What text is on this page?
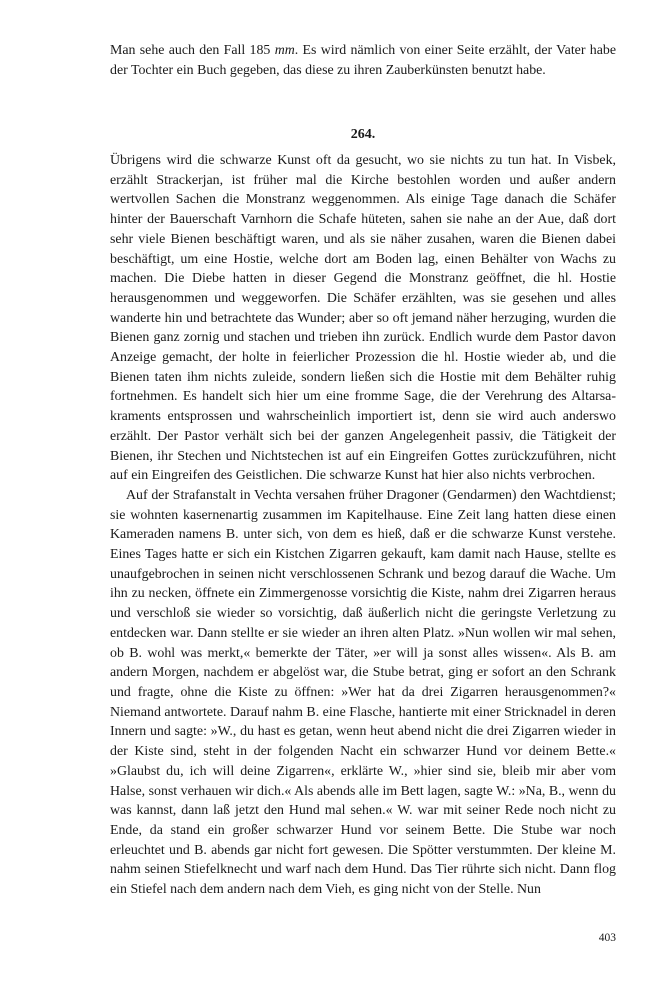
Man sehe auch den Fall 185 mm. Es wird nämlich von einer Seite erzählt, der Vater habe der Tochter ein Buch gegeben, das diese zu ihren Zauberkünsten benutzt habe.

264.

Übrigens wird die schwarze Kunst oft da gesucht, wo sie nichts zu tun hat. In Visbek, erzählt Strackerjan, ist früher mal die Kirche bestohlen worden und außer andern wertvollen Sachen die Monstranz weggenommen. Als einige Tage danach die Schäfer hinter der Bauerschaft Varnhorn die Schafe hüteten, sahen sie nahe an der Aue, daß dort sehr viele Bienen beschäftigt waren, und als sie näher zusahen, waren die Bienen dabei beschäftigt, um eine Hostie, welche dort am Boden lag, einen Behälter von Wachs zu machen. Die Diebe hatten in dieser Gegend die Monstranz geöffnet, die hl. Hostie herausgenommen und weggeworfen. Die Schäfer erzählten, was sie gesehen und alles wanderte hin und betrachtete das Wunder; aber so oft jemand näher herzuging, wurden die Bienen ganz zornig und stachen und trieben ihn zurück. Endlich wurde dem Pastor davon Anzeige gemacht, der holte in feierlicher Prozession die hl. Hostie wieder ab, und die Bienen taten ihm nichts zuleide, sondern ließen sich die Hostie mit dem Behälter ruhig fortnehmen. Es handelt sich hier um eine fromme Sage, die der Verehrung des Altarsakraments entsprossen und wahrscheinlich importiert ist, denn sie wird auch anderswo erzählt. Der Pastor verhält sich bei der ganzen Angelegenheit passiv, die Tätigkeit der Bienen, ihr Stechen und Nichtstechen ist auf ein Eingreifen Gottes zurückzuführen, nicht auf ein Eingreifen des Geistlichen. Die schwarze Kunst hat hier also nichts verbrochen.

Auf der Strafanstalt in Vechta versahen früher Dragoner (Gendarmen) den Wachtdienst; sie wohnten kasernenartig zusammen im Kapitelhause. Eine Zeit lang hatten diese einen Kameraden namens B. unter sich, von dem es hieß, daß er die schwarze Kunst verstehe. Eines Tages hatte er sich ein Kistchen Zigarren gekauft, kam damit nach Hause, stellte es unaufgebrochen in seinen nicht verschlossenen Schrank und bezog darauf die Wache. Um ihn zu necken, öffnete ein Zimmergenosse vorsichtig die Kiste, nahm drei Zigarren heraus und verschloß sie wieder so vorsichtig, daß äußerlich nicht die geringste Verletzung zu entdecken war. Dann stellte er sie wieder an ihren alten Platz. »Nun wollen wir mal sehen, ob B. wohl was merkt,« bemerkte der Täter, »er will ja sonst alles wissen«. Als B. am andern Morgen, nachdem er abgelöst war, die Stube betrat, ging er sofort an den Schrank und fragte, ohne die Kiste zu öffnen: »Wer hat da drei Zigarren herausgenommen?« Niemand antwortete. Darauf nahm B. eine Flasche, hantierte mit einer Stricknadel in deren Innern und sagte: »W., du hast es getan, wenn heut abend nicht die drei Zigarren wieder in der Kiste sind, steht in der folgenden Nacht ein schwarzer Hund vor deinem Bette.« »Glaubst du, ich will deine Zigarren«, erklärte W., »hier sind sie, bleib mir aber vom Halse, sonst verhauen wir dich.« Als abends alle im Bett lagen, sagte W.: »Na, B., wenn du was kannst, dann laß jetzt den Hund mal sehen.« W. war mit seiner Rede noch nicht zu Ende, da stand ein großer schwarzer Hund vor seinem Bette. Die Stube war noch erleuchtet und B. abends gar nicht fort gewesen. Die Spötter verstummten. Der kleine M. nahm seinen Stiefelknecht und warf nach dem Hund. Das Tier rührte sich nicht. Dann flog ein Stiefel nach dem andern nach dem Vieh, es ging nicht von der Stelle. Nun

403
